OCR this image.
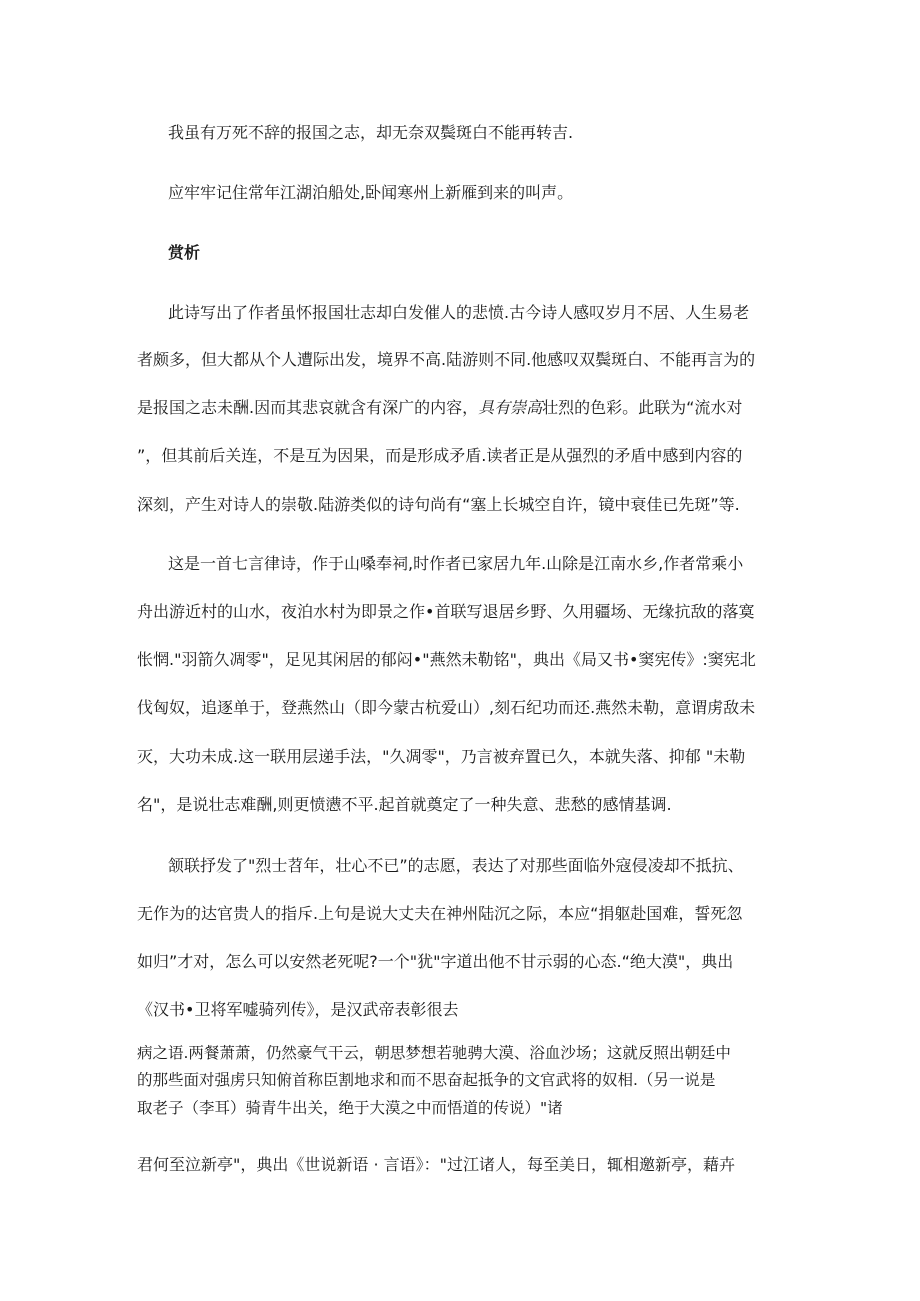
我虽有万死不辞的报国之志，却无奈双鬓斑白不能再转吉.
应牢牢记住常年江湖泊船处,卧闻寒州上新雁到来的叫声。
赏析
此诗写出了作者虽怀报国壮志却白发催人的悲愤.古今诗人感叹岁月不居、人生易老
者颇多，但大都从个人遭际出发，境界不高.陆游则不同.他感叹双鬓斑白、不能再言为的
是报国之志未酬.因而其悲哀就含有深广的内容，具有崇高壮烈的色彩。此联为“流水对
”，但其前后关连，不是互为因果，而是形成矛盾.读者正是从强烈的矛盾中感到内容的
深刻，产生对诗人的崇敬.陆游类似的诗句尚有“塞上长城空自许，镜中衰佳已先斑”等.
这是一首七言律诗，作于山嗓奉祠,时作者已家居九年.山除是江南水乡,作者常乘小
舟出游近村的山水，夜泊水村为即景之作•首联写退居乡野、久用疆场、无缘抗敌的落寞
怅惘."羽箭久凋零"，足见其闲居的郁闷•"燕然未勒铭"，典出《局又书•窦宪传》:窦宪北
伐匈奴，追逐单于，登燕然山（即今蒙古杭爱山）,刻石纪功而还.燕然未勒，意谓虏敌未
灭，大功未成.这一联用层递手法，"久凋零"，乃言被弃置已久，本就失落、抑郁 "未勒
名"，是说壮志难酬,则更愤懑不平.起首就奠定了一种失意、悲愁的感情基调.
颔联抒发了"烈士苕年，壮心不已”的志愿，表达了对那些面临外寇侵凌却不抵抗、
无作为的达官贵人的指斥.上句是说大丈夫在神州陆沉之际，本应“捐躯赴国难，誓死忽
如归”才对，怎么可以安然老死呢?一个"犹"字道出他不甘示弱的心态.“绝大漠"，典出
《汉书•卫将军嘘骑列传》，是汉武帝表彰很去
病之语.两餐萧萧，仍然豪气干云，朝思梦想若驰骋大漠、浴血沙场；这就反照出朝廷中
的那些面对强虏只知俯首称臣割地求和而不思奋起抵争的文官武将的奴相.（另一说是
取老子（李耳）骑青牛出关，绝于大漠之中而悟道的传说）"诸
君何至泣新亭"，典出《世说新语 · 言语》："过江诸人，每至美日，辄相邀新亭，藉卉
